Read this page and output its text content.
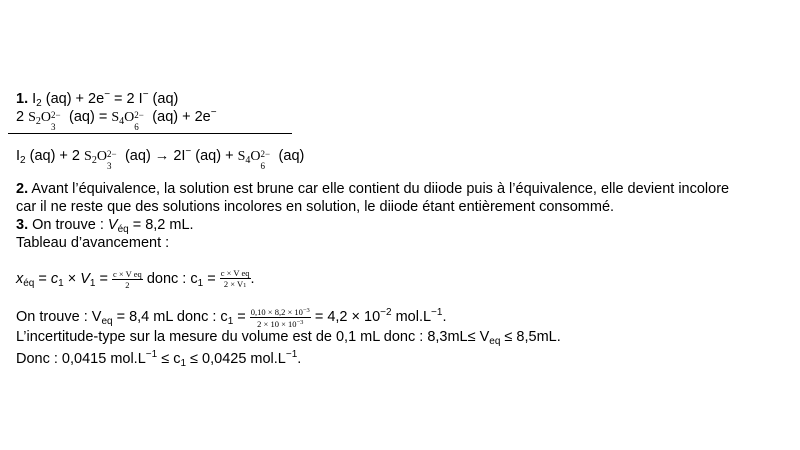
1. $I_2$ (aq) + 2e− = 2 I− (aq)
2 $S_2O$ 2−
3
$(aq) = S_4O$ 2−
6
(aq) + 2e−
$I_2$ (aq) + 2 $S_2O$ 2−
3
(aq) → 2I− $(aq) + S_4O$ 2−
6
(aq)
2. Avant l’équivalence, la solution est brune car elle contient du diiode puis à l’équivalence, elle devient incolore
car il ne reste que des solutions incolores en solution, le diiode étant entièrement consommé.
3. On trouve : $V_{éq} = 8,2$ mL.
Tableau d’avancement :
$x_{éq} = c_1 \times V_1 = \frac{\text{c × V eq}}{2}$ donc : $c_1 = \frac{\text{c × V eq}}{2 \times V1}$ .
On trouve : $V_{eq} = 8,4$ mL donc : $c_1 = \frac{0,10 \times 8,2 \times 10^{-3}}{2 \times 10 \times 10^{-3}} = 4,2 \times 10^{-2}$ $mol.L^{-1}$.
L’incertitude-type sur la mesure du volume est de 0,1 mL donc : $8,3mL\le V_{eq} \le 8,5mL$.
Donc : 0,0415 $mol.L^{-1} \le c_1 \le 0,0425$ $mol.L^{-1}$.
